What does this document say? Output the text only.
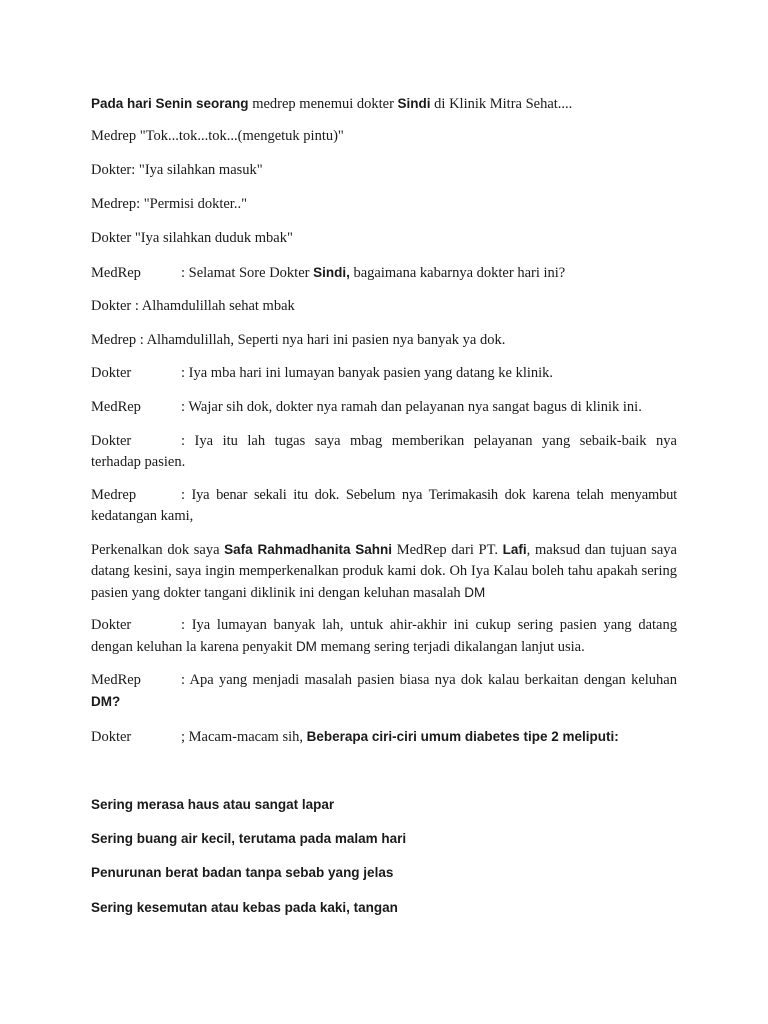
Pada hari Senin seorang medrep menemui dokter Sindi di Klinik Mitra Sehat....

Medrep "Tok...tok...tok...(mengetuk pintu)"

Dokter: "Iya silahkan masuk"

Medrep: "Permisi dokter.."

Dokter "Iya silahkan duduk mbak"

MedRep	: Selamat Sore Dokter Sindi, bagaimana kabarnya dokter hari ini?

Dokter : Alhamdulillah sehat mbak

Medrep : Alhamdulillah, Seperti nya hari ini pasien nya banyak ya dok.

Dokter	: Iya mba hari ini lumayan banyak pasien yang datang ke klinik.

MedRep	: Wajar sih dok, dokter nya ramah dan pelayanan nya sangat bagus di klinik ini.

Dokter	: Iya itu lah tugas saya mbag memberikan pelayanan yang sebaik-baik nya
terhadap pasien.
Medrep	: Iya benar sekali itu dok. Sebelum nya Terimakasih dok karena telah menyambut
kedatangan kami,

Perkenalkan dok saya Safa Rahmadhanita Sahni MedRep dari PT. Lafi, maksud dan tujuan saya datang kesini, saya ingin memperkenalkan produk kami dok. Oh Iya Kalau boleh tahu apakah sering pasien yang dokter tangani diklinik ini dengan keluhan masalah DM

Dokter	: Iya lumayan banyak lah, untuk ahir-akhir ini cukup sering pasien yang datang
dengan keluhan la karena penyakit DM memang sering terjadi dikalangan lanjut usia.
MedRep	: Apa yang menjadi masalah pasien biasa nya dok kalau berkaitan dengan keluhan
DM?

Dokter	; Macam-macam sih, Beberapa ciri-ciri umum diabetes tipe 2 meliputi:

Sering merasa haus atau sangat lapar

Sering buang air kecil, terutama pada malam hari

Penurunan berat badan tanpa sebab yang jelas

Sering kesemutan atau kebas pada kaki, tangan
